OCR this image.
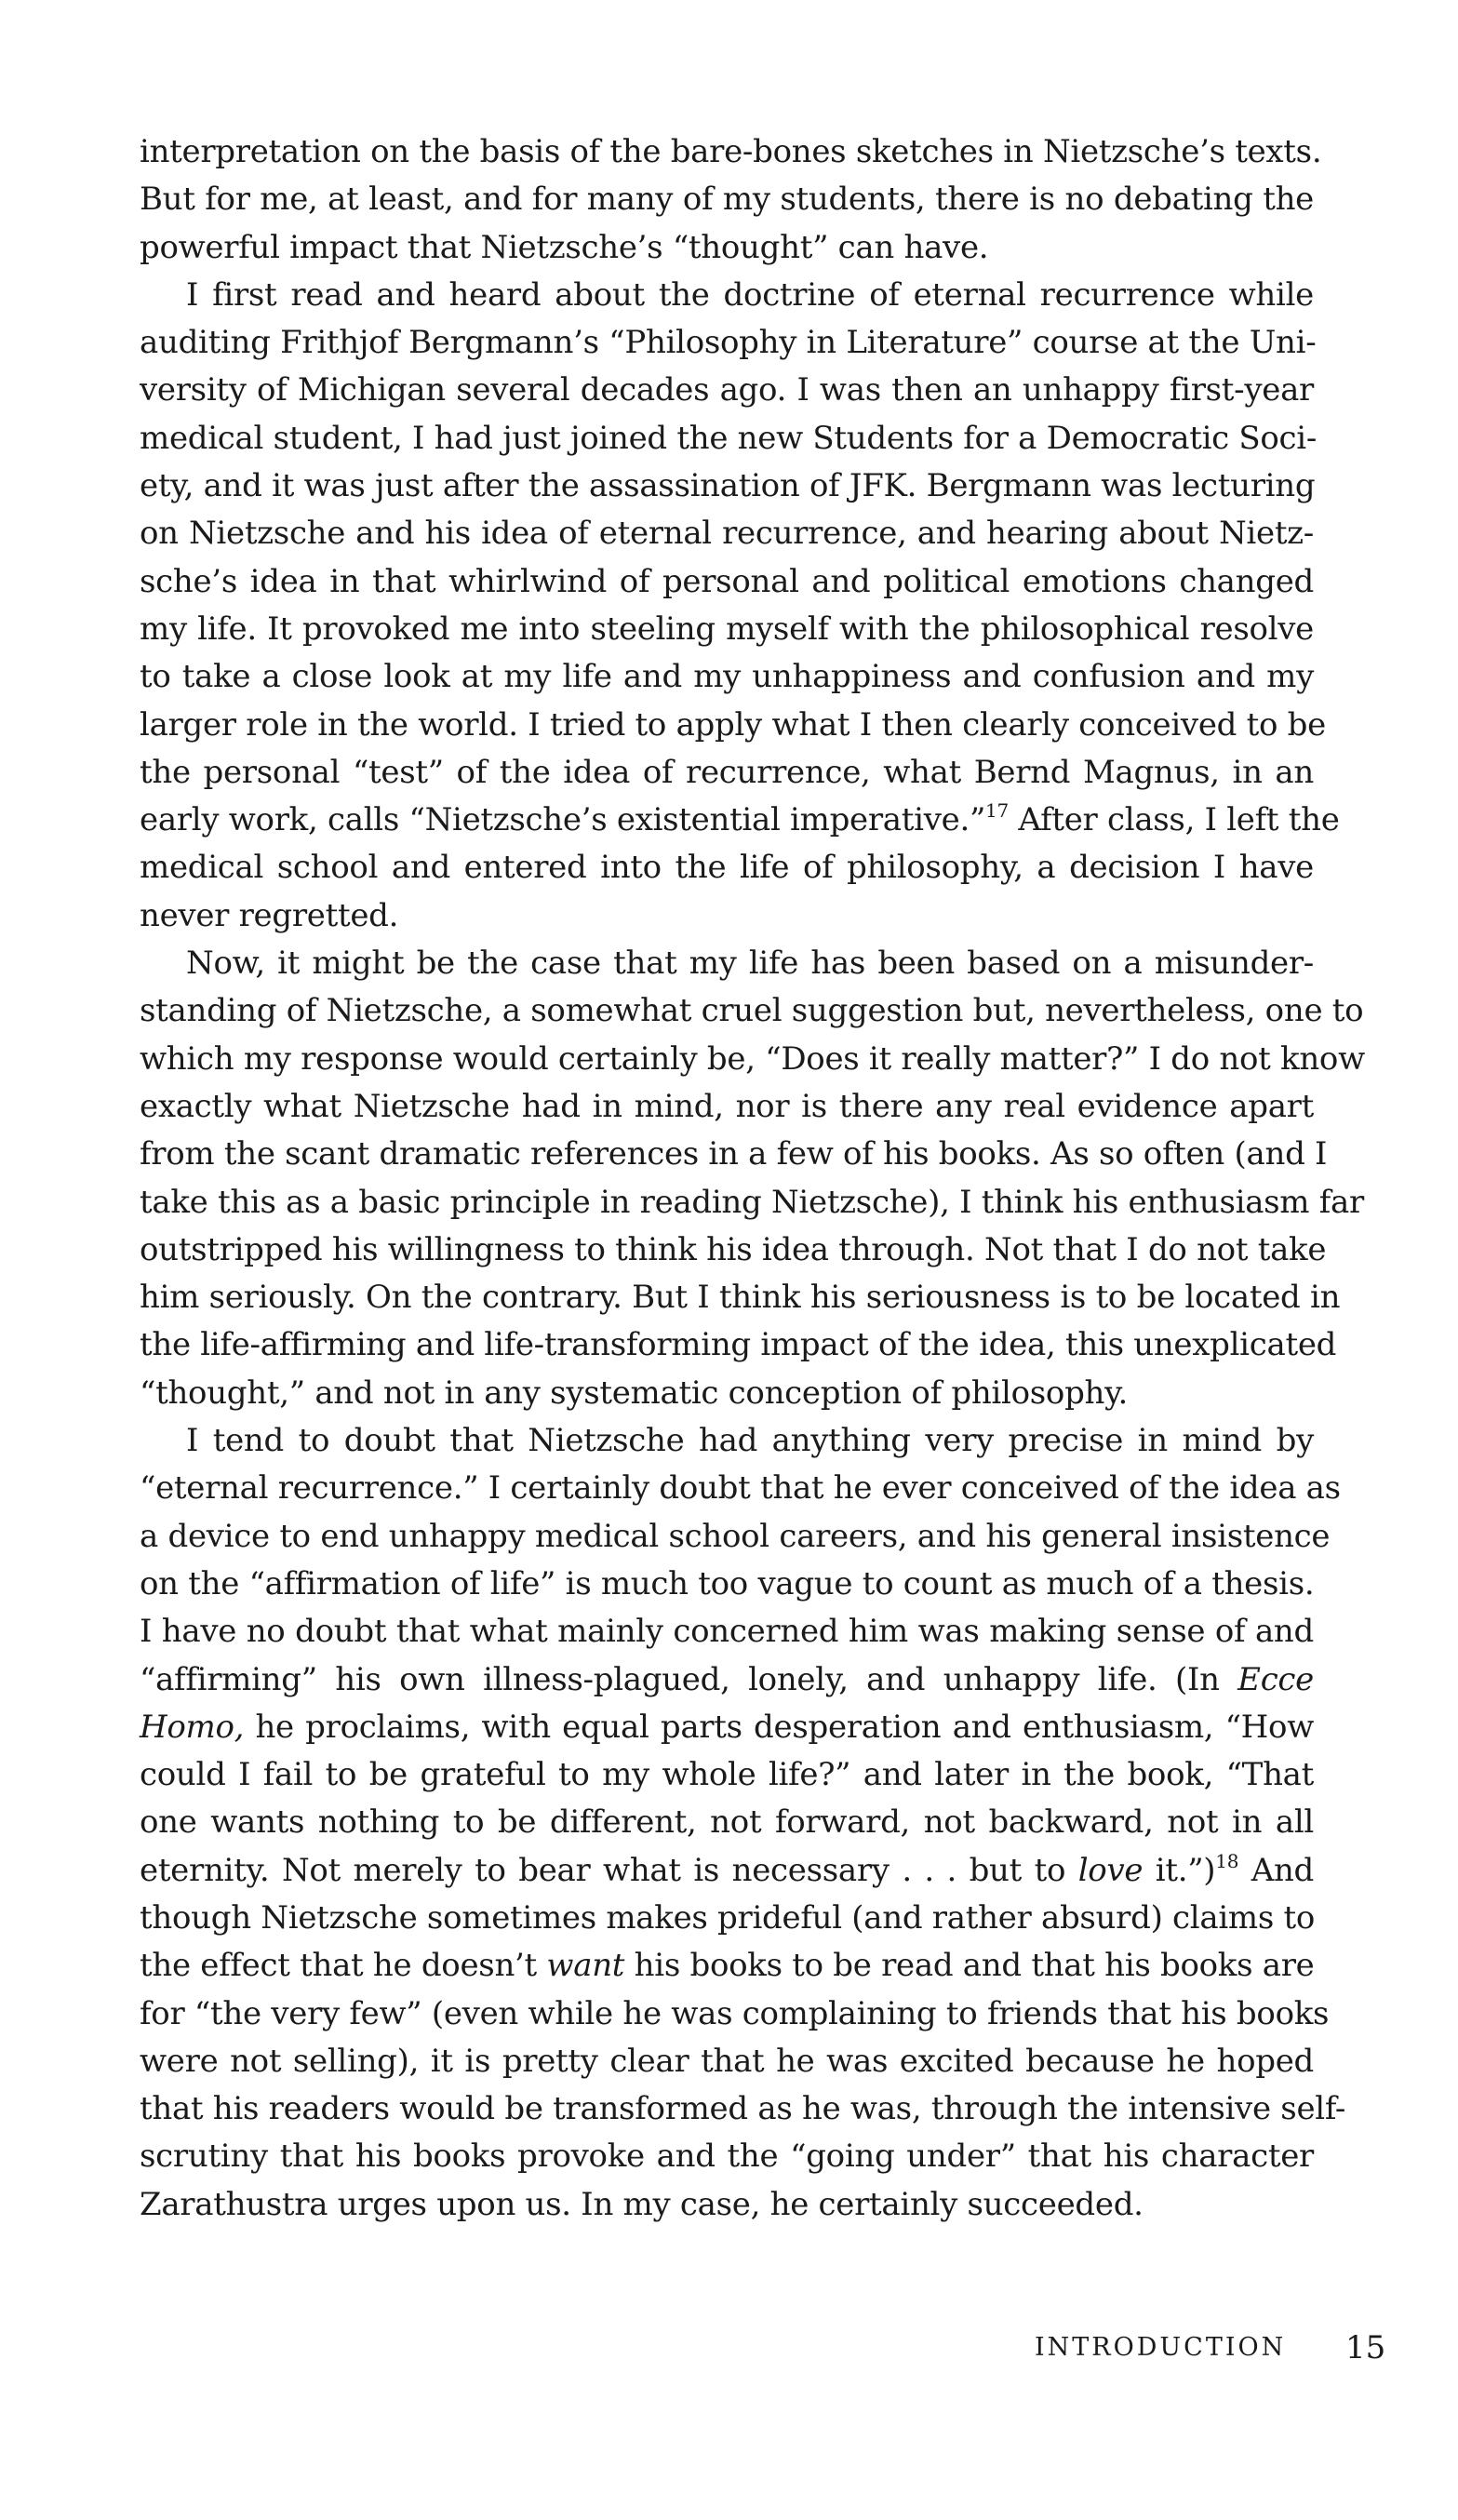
interpretation on the basis of the bare-bones sketches in Nietzsche’s texts.
But for me, at least, and for many of my students, there is no debating the
powerful impact that Nietzsche’s “thought” can have.
I first read and heard about the doctrine of eternal recurrence while
auditing Frithjof Bergmann’s “Philosophy in Literature” course at the Uni-
versity of Michigan several decades ago. I was then an unhappy first-year
medical student, I had just joined the new Students for a Democratic Soci-
ety, and it was just after the assassination of JFK. Bergmann was lecturing
on Nietzsche and his idea of eternal recurrence, and hearing about Nietz-
sche’s idea in that whirlwind of personal and political emotions changed
my life. It provoked me into steeling myself with the philosophical resolve
to take a close look at my life and my unhappiness and confusion and my
larger role in the world. I tried to apply what I then clearly conceived to be
the personal “test” of the idea of recurrence, what Bernd Magnus, in an
early work, calls “Nietzsche’s existential imperative.”$^{17}$ After class, I left the
medical school and entered into the life of philosophy, a decision I have
never regretted.
Now, it might be the case that my life has been based on a misunder-
standing of Nietzsche, a somewhat cruel suggestion but, nevertheless, one to
which my response would certainly be, “Does it really matter?” I do not know
exactly what Nietzsche had in mind, nor is there any real evidence apart
from the scant dramatic references in a few of his books. As so often (and I
take this as a basic principle in reading Nietzsche), I think his enthusiasm far
outstripped his willingness to think his idea through. Not that I do not take
him seriously. On the contrary. But I think his seriousness is to be located in
the life-affirming and life-transforming impact of the idea, this unexplicated
“thought,” and not in any systematic conception of philosophy.
I tend to doubt that Nietzsche had anything very precise in mind by
“eternal recurrence.” I certainly doubt that he ever conceived of the idea as
a device to end unhappy medical school careers, and his general insistence
on the “affirmation of life” is much too vague to count as much of a thesis.
I have no doubt that what mainly concerned him was making sense of and
“affirming” his own illness-plagued, lonely, and unhappy life. (In Ecce
Homo, he proclaims, with equal parts desperation and enthusiasm, “How
could I fail to be grateful to my whole life?” and later in the book, “That
one wants nothing to be different, not forward, not backward, not in all
eternity. Not merely to bear what is necessary . . . but to love it.”)$^{18}$ And
though Nietzsche sometimes makes prideful (and rather absurd) claims to
the effect that he doesn’t want his books to be read and that his books are
for “the very few” (even while he was complaining to friends that his books
were not selling), it is pretty clear that he was excited because he hoped
that his readers would be transformed as he was, through the intensive self-
scrutiny that his books provoke and the “going under” that his character
Zarathustra urges upon us. In my case, he certainly succeeded.
INTRODUCTION 15
